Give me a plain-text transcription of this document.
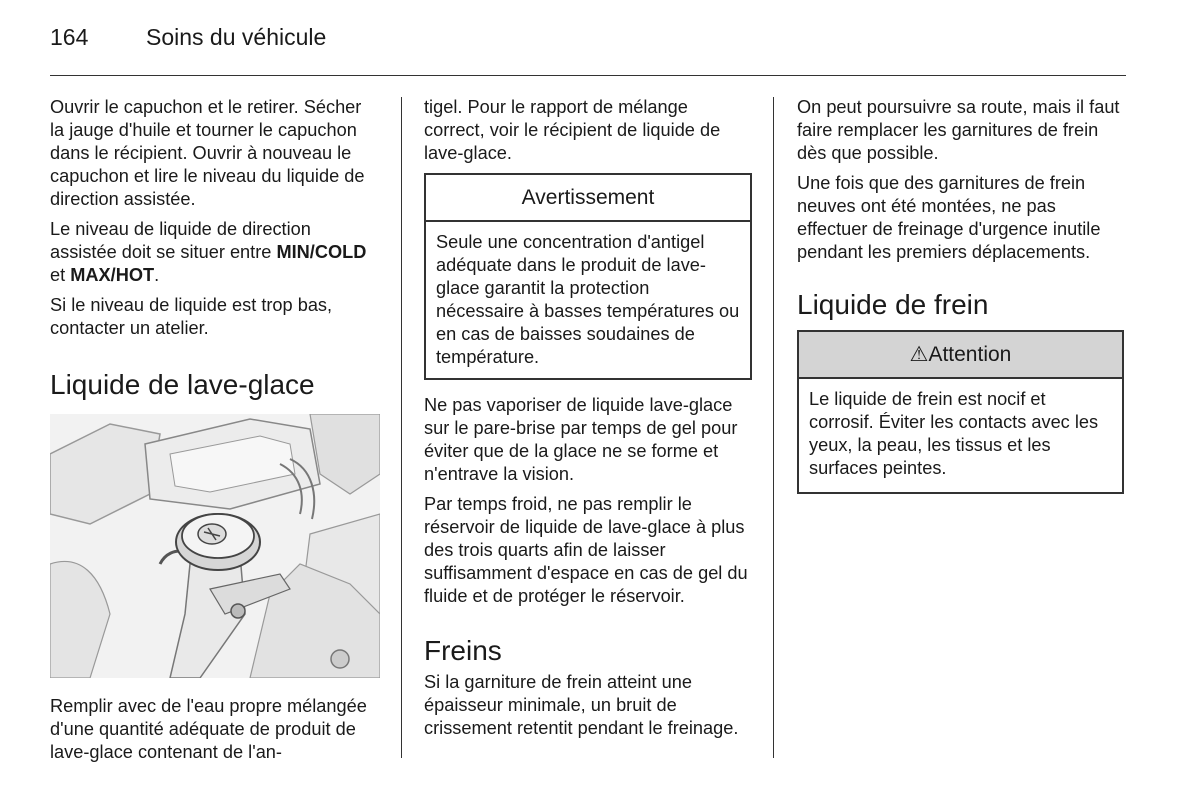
164	Soins du véhicule

Ouvrir le capuchon et le retirer. Sécher la jauge d'huile et tourner le capuchon dans le récipient. Ouvrir à nouveau le capuchon et lire le niveau du liquide de direction assistée.

Le niveau de liquide de direction assistée doit se situer entre MIN/COLD et MAX/HOT.

Si le niveau de liquide est trop bas, contacter un atelier.

Liquide de lave-glace

Remplir avec de l'eau propre mélangée d'une quantité adéquate de produit de lave-glace contenant de l'an-

tigel. Pour le rapport de mélange correct, voir le récipient de liquide de lave-glace.

Avertissement
Seule une concentration d'antigel adéquate dans le produit de lave-glace garantit la protection nécessaire à basses températures ou en cas de baisses soudaines de température.

Ne pas vaporiser de liquide lave-glace sur le pare-brise par temps de gel pour éviter que de la glace ne se forme et n'entrave la vision.

Par temps froid, ne pas remplir le réservoir de liquide de lave-glace à plus des trois quarts afin de laisser suffisamment d'espace en cas de gel du fluide et de protéger le réservoir.

Freins

Si la garniture de frein atteint une épaisseur minimale, un bruit de crissement retentit pendant le freinage.

On peut poursuivre sa route, mais il faut faire remplacer les garnitures de frein dès que possible.

Une fois que des garnitures de frein neuves ont été montées, ne pas effectuer de freinage d'urgence inutile pendant les premiers déplacements.

Liquide de frein
⚠ Attention
Le liquide de frein est nocif et corrosif. Éviter les contacts avec les yeux, la peau, les tissus et les surfaces peintes.
